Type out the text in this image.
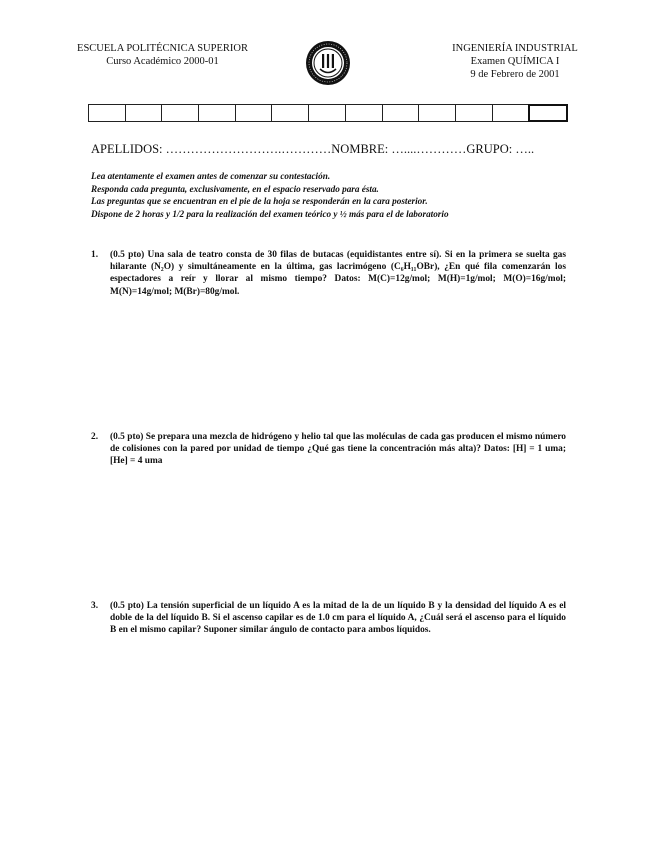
ESCUELA POLITÉCNICA SUPERIOR
Curso Académico 2000-01
INGENIERÍA INDUSTRIAL
Examen QUÍMICA I
9 de Febrero de 2001
APELLIDOS: ……………………….…………NOMBRE: …....…………GRUPO: …..
Lea atentamente el examen antes de comenzar su contestación.
Responda cada pregunta, exclusivamente, en el espacio reservado para ésta.
Las preguntas que se encuentran en el pie de la hoja se responderán en la cara posterior.
Dispone de 2 horas y 1/2 para la realización del examen teórico y ½ más para el de laboratorio
1.	(0.5 pto) Una sala de teatro consta de 30 filas de butacas (equidistantes entre sí). Si en la primera se suelta gas hilarante (N₂O) y simultáneamente en la última, gas lacrimógeno (C₆H₁₁OBr), ¿En qué fila comenzarán los espectadores a reír y llorar al mismo tiempo? Datos: M(C)=12g/mol; M(H)=1g/mol; M(O)=16g/mol; M(N)=14g/mol; M(Br)=80g/mol.
2.	(0.5 pto) Se prepara una mezcla de hidrógeno y helio tal que las moléculas de cada gas producen el mismo número de colisiones con la pared por unidad de tiempo ¿Qué gas tiene la concentración más alta)? Datos: [H] = 1 uma; [He] = 4 uma
3.	(0.5 pto) La tensión superficial de un líquido A es la mitad de la de un líquido B y la densidad del líquido A es el doble de la del líquido B. Si el ascenso capilar es de 1.0 cm para el líquido A, ¿Cuál será el ascenso para el líquido B en el mismo capilar? Suponer similar ángulo de contacto para ambos líquidos.
